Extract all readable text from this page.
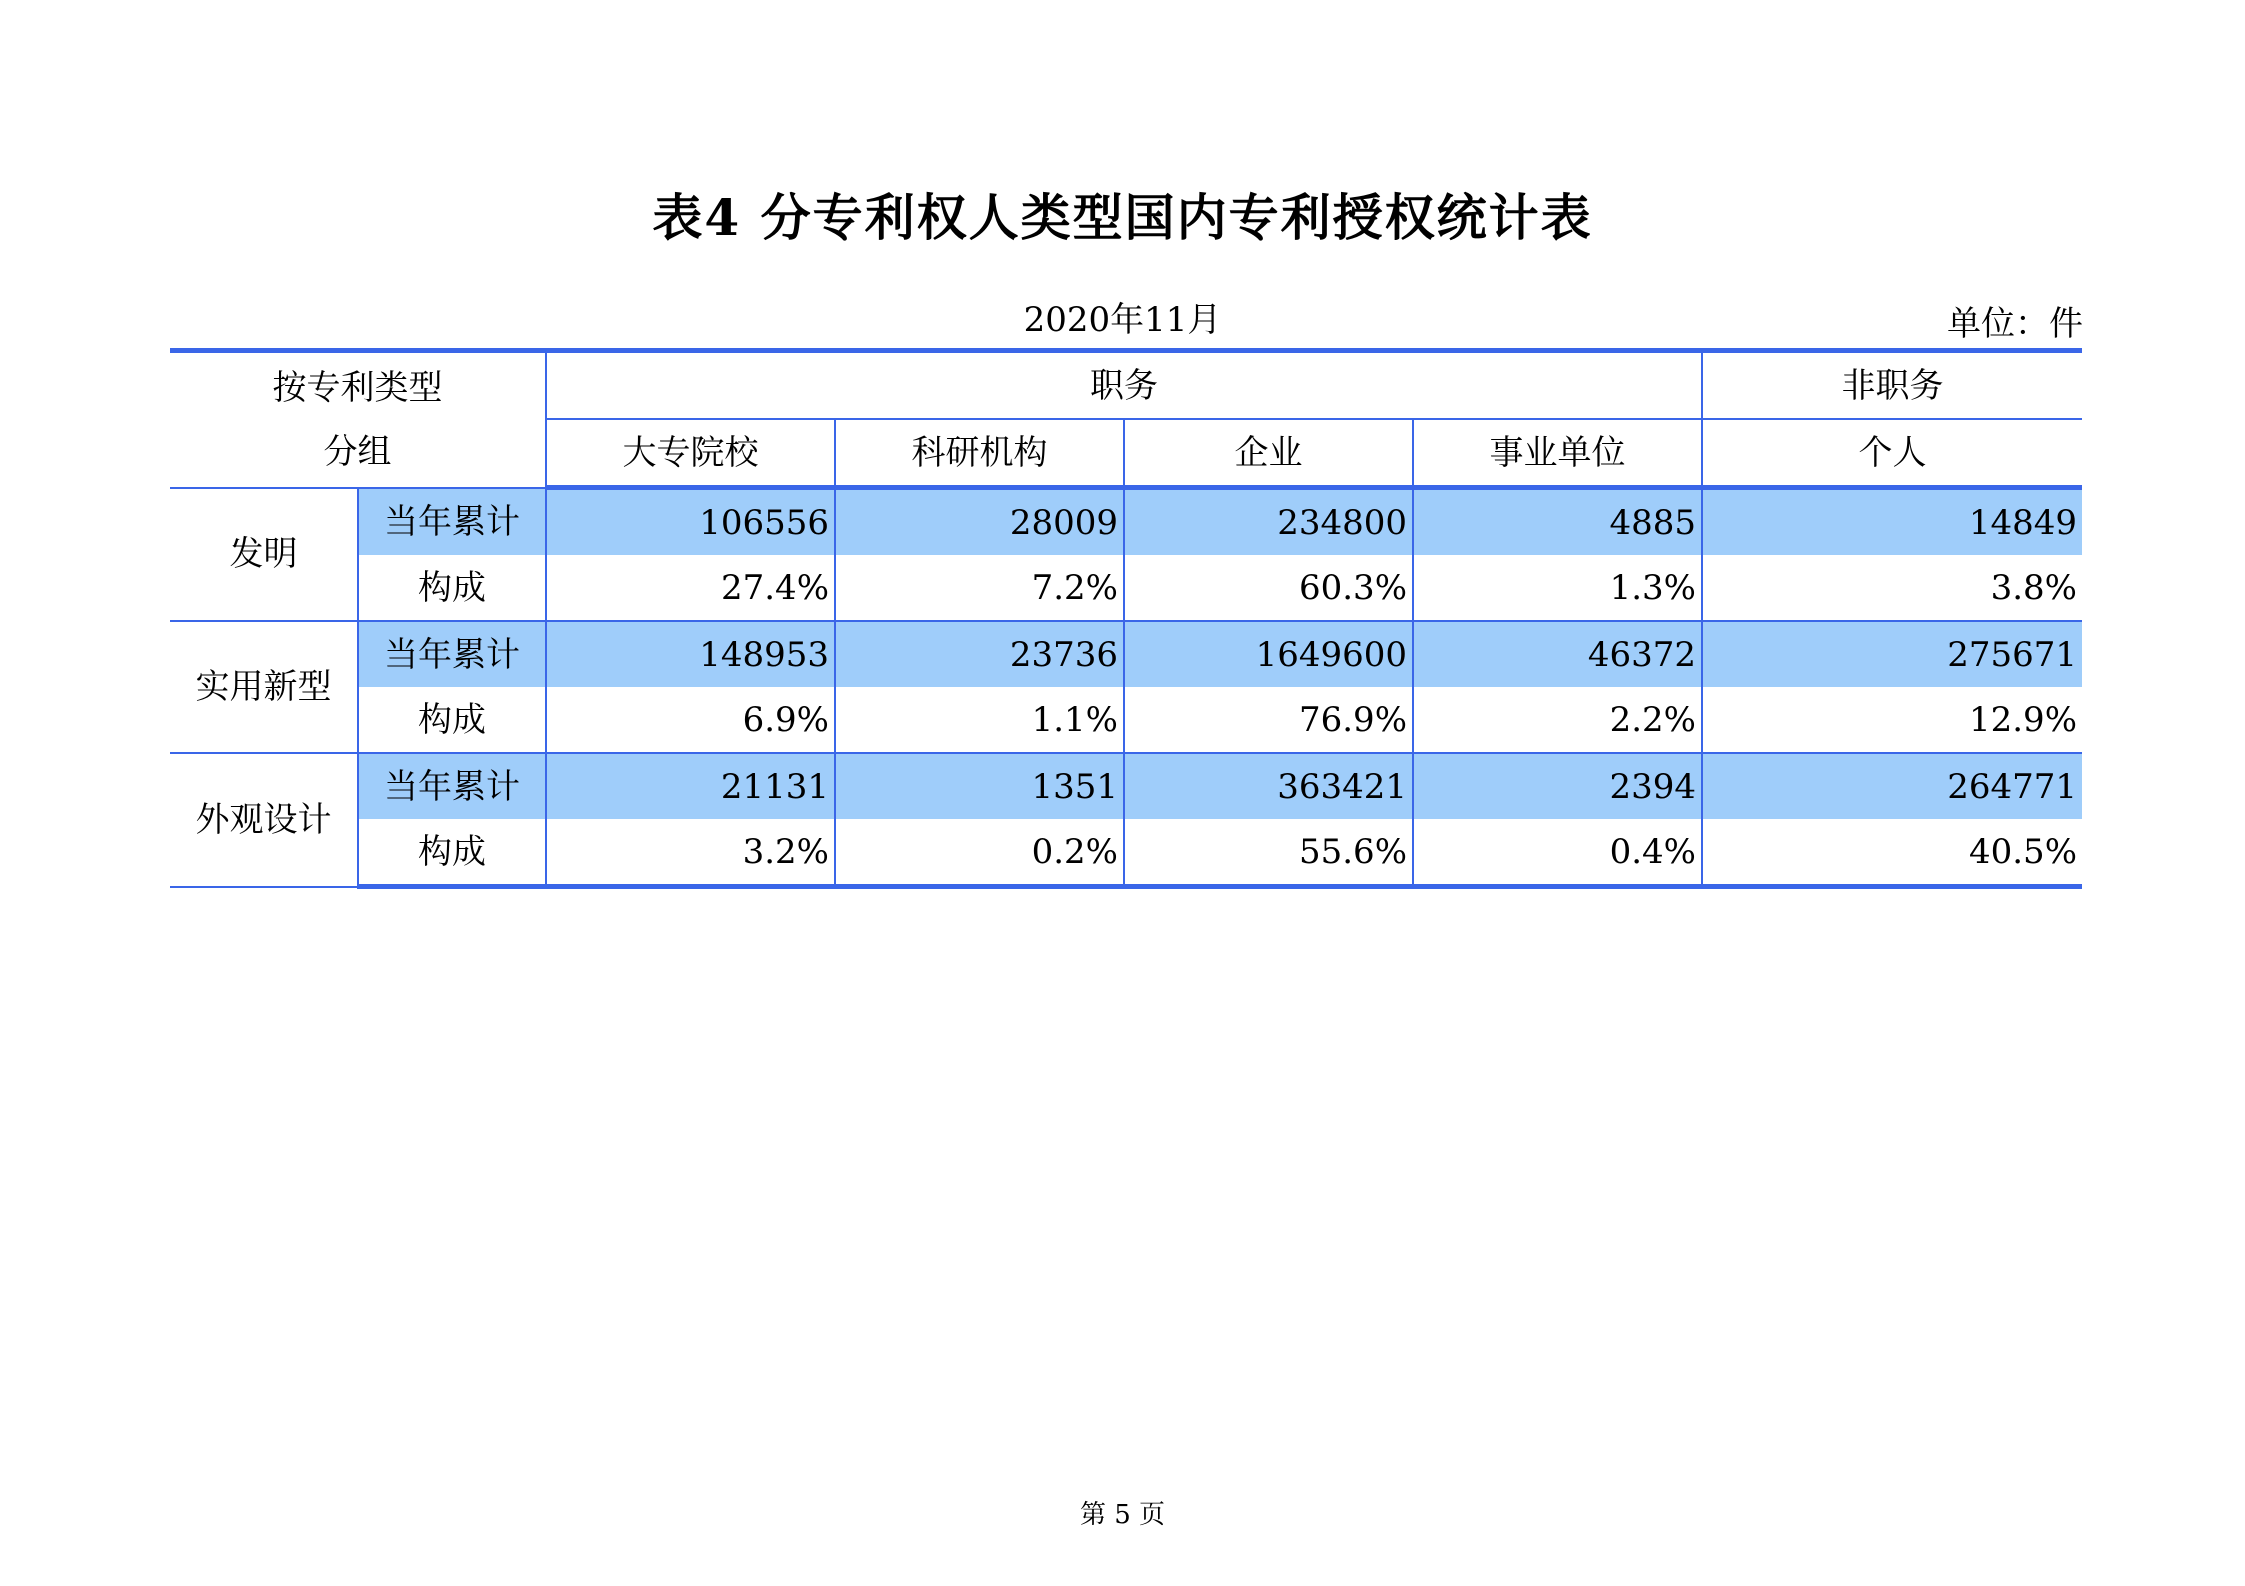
表4 分专利权人类型国内专利授权统计表
2020年11月	单位：件
按专利类型
分组		职务				非职务
		大专院校	科研机构	企业	事业单位	个人
发明	当年累计	106556	28009	234800	4885	14849
	构成	27.4%	7.2%	60.3%	1.3%	3.8%
实用新型	当年累计	148953	23736	1649600	46372	275671
	构成	6.9%	1.1%	76.9%	2.2%	12.9%
外观设计	当年累计	21131	1351	363421	2394	264771
	构成	3.2%	0.2%	55.6%	0.4%	40.5%
第 5 页
